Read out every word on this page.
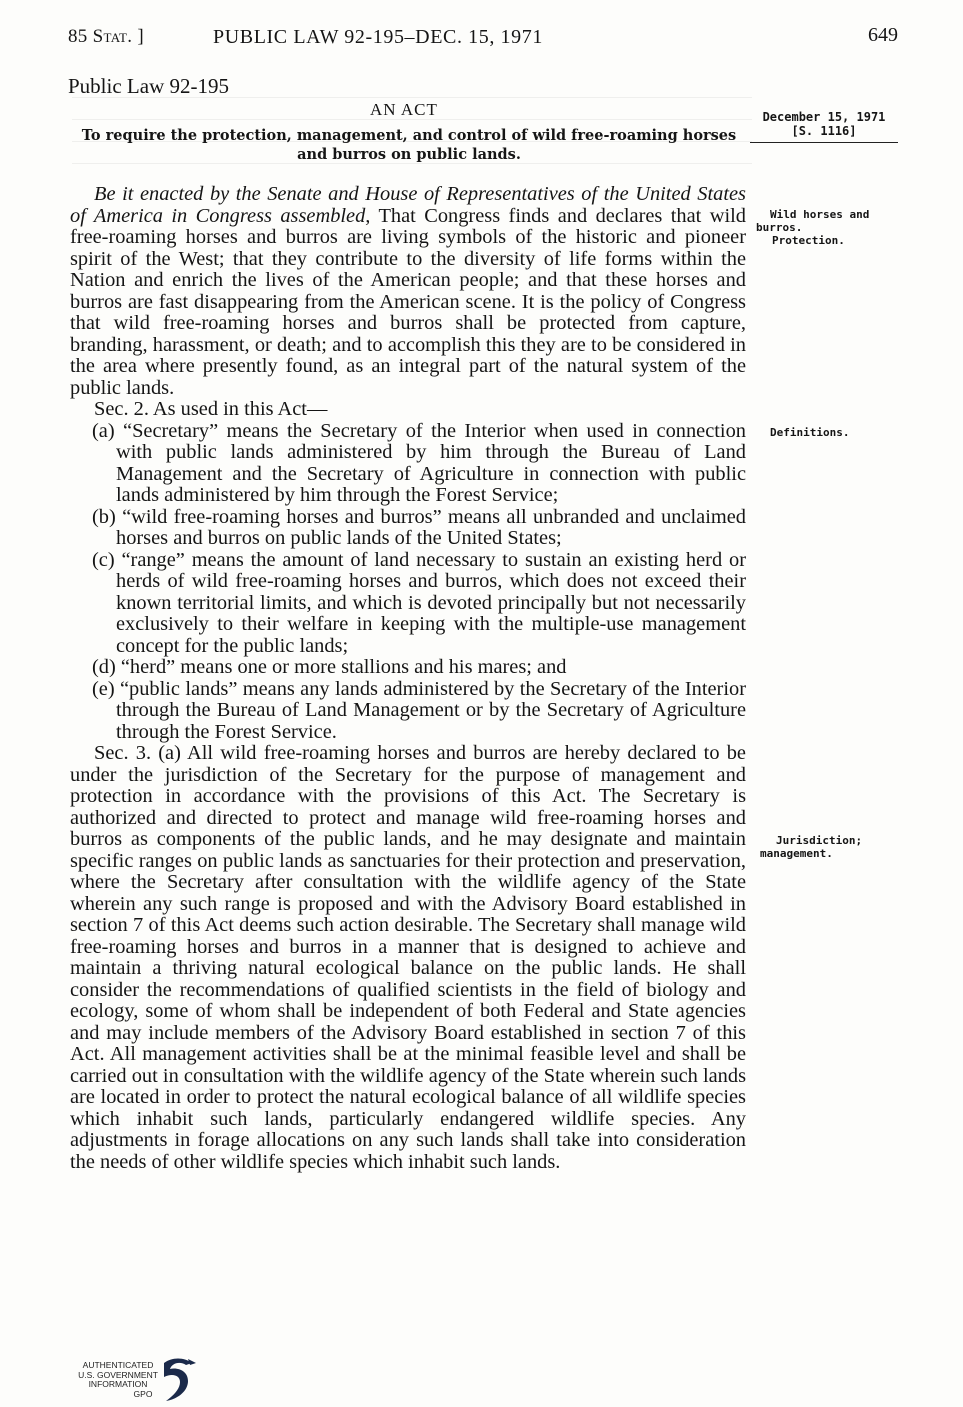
85 Stat. ]	PUBLIC LAW 92-195–DEC. 15, 1971	649
Public Law 92-195
AN ACT
To require the protection, management, and control of wild free-roaming horses
and burros on public lands.
December 15, 1971
[S. 1116]

Be it enacted by the Senate and House of Representatives of the United States of America in Congress assembled, That Congress finds and declares that wild free-roaming horses and burros are living symbols of the historic and pioneer spirit of the West; that they contribute to the diversity of life forms within the Nation and enrich the lives of the American people; and that these horses and burros are fast disappearing from the American scene. It is the policy of Congress that wild free-roaming horses and burros shall be protected from capture, branding, harassment, or death; and to accomplish this they are to be considered in the area where presently found, as an integral part of the natural system of the public lands.

Sec. 2. As used in this Act—

(a) “Secretary” means the Secretary of the Interior when used in connection with public lands administered by him through the Bureau of Land Management and the Secretary of Agriculture in connection with public lands administered by him through the Forest Service;

(b) “wild free-roaming horses and burros” means all unbranded and unclaimed horses and burros on public lands of the United States;

(c) “range” means the amount of land necessary to sustain an existing herd or herds of wild free-roaming horses and burros, which does not exceed their known territorial limits, and which is devoted principally but not necessarily exclusively to their welfare in keeping with the multiple-use management concept for the public lands;

(d) “herd” means one or more stallions and his mares; and

(e) “public lands” means any lands administered by the Secretary of the Interior through the Bureau of Land Management or by the Secretary of Agriculture through the Forest Service.

Sec. 3. (a) All wild free-roaming horses and burros are hereby declared to be under the jurisdiction of the Secretary for the purpose of management and protection in accordance with the provisions of this Act. The Secretary is authorized and directed to protect and manage wild free-roaming horses and burros as components of the public lands, and he may designate and maintain specific ranges on public lands as sanctuaries for their protection and preservation, where the Secretary after consultation with the wildlife agency of the State wherein any such range is proposed and with the Advisory Board established in section 7 of this Act deems such action desirable. The Secretary shall manage wild free-roaming horses and burros in a manner that is designed to achieve and maintain a thriving natural ecological balance on the public lands. He shall consider the recommendations of qualified scientists in the field of biology and ecology, some of whom shall be independent of both Federal and State agencies and may include members of the Advisory Board established in section 7 of this Act. All management activities shall be at the minimal feasible level and shall be carried out in consultation with the wildlife agency of the State wherein such lands are located in order to protect the natural ecological balance of all wildlife species which inhabit such lands, particularly endangered wildlife species. Any adjustments in forage allocations on any such lands shall take into consideration the needs of other wildlife species which inhabit such lands.

Wild horses and
burros.
Protection.
Definitions.
Jurisdiction;
management.
AUTHENTICATED
U.S. GOVERNMENT
INFORMATION
GPO
